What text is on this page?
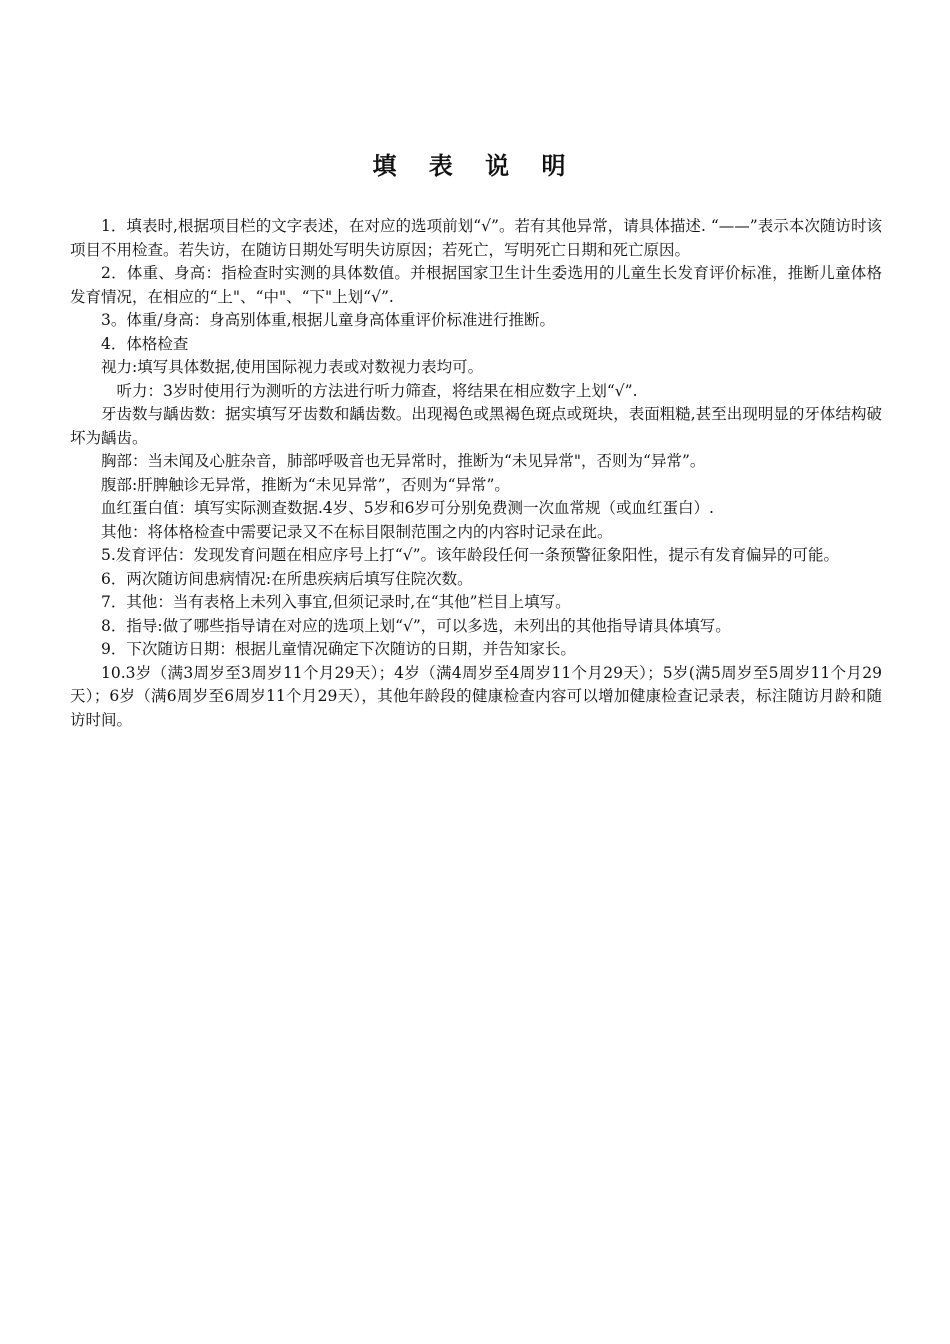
填 表 说 明

1．填表时,根据项目栏的文字表述，在对应的选项前划“√”。若有其他异常，请具体描述. “——”表示本次随访时该项目不用检查。若失访，在随访日期处写明失访原因；若死亡，写明死亡日期和死亡原因。

2．体重、身高：指检查时实测的具体数值。并根据国家卫生计生委选用的儿童生长发育评价标准，推断儿童体格发育情况，在相应的“上"、“中"、“下"上划“√”.

3。体重/身高：身高别体重,根据儿童身高体重评价标准进行推断。

4．体格检查

视力:填写具体数据,使用国际视力表或对数视力表均可。

听力：3岁时使用行为测听的方法进行听力筛查，将结果在相应数字上划“√”.

牙齿数与龋齿数：据实填写牙齿数和龋齿数。出现褐色或黑褐色斑点或斑块，表面粗糙,甚至出现明显的牙体结构破坏为龋齿。

胸部：当未闻及心脏杂音，肺部呼吸音也无异常时，推断为“未见异常"，否则为“异常”。

腹部:肝脾触诊无异常，推断为“未见异常”，否则为“异常”。

血红蛋白值：填写实际测查数据.4岁、5岁和6岁可分别免费测一次血常规（或血红蛋白）.

其他：将体格检查中需要记录又不在标目限制范围之内的内容时记录在此。

5.发育评估：发现发育问题在相应序号上打“√”。该年龄段任何一条预警征象阳性，提示有发育偏异的可能。

6．两次随访间患病情况:在所患疾病后填写住院次数。

7．其他：当有表格上未列入事宜,但须记录时,在“其他”栏目上填写。

8．指导:做了哪些指导请在对应的选项上划“√”，可以多选，未列出的其他指导请具体填写。

9．下次随访日期：根据儿童情况确定下次随访的日期，并告知家长。

10.3岁（满3周岁至3周岁11个月29天）；4岁（满4周岁至4周岁11个月29天）；5岁(满5周岁至5周岁11个月29天）；6岁（满6周岁至6周岁11个月29天），其他年龄段的健康检查内容可以增加健康检查记录表，标注随访月龄和随访时间。
